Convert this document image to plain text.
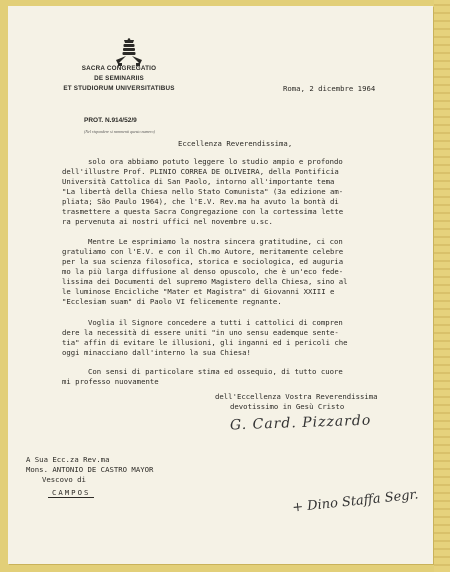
SACRA CONGREGATIO
DE SEMINARIIS
ET STUDIORUM UNIVERSITATIBUS
PROT. N.914/52/9
(Nel rispondere si rammenti questo numero)
Roma, 2 dicembre 1964
Eccellenza Reverendissima,
solo ora abbiamo potuto leggere lo studio ampio e profondo
dell'illustre Prof. PLINIO CORREA DE OLIVEIRA, della Pontificia
Università Cattolica di San Paolo, intorno all'importante tema
"La libertà della Chiesa nello Stato Comunista" (3a edizione am-
pliata; São Paulo 1964), che l'E.V. Rev.ma ha avuto la bontà di
trasmettere a questa Sacra Congregazione con la cortessima lette
ra pervenuta ai nostri uffici nel novembre u.sc.
Mentre Le esprimiamo la nostra sincera gratitudine, ci con
gratuliamo con l'E.V. e con il Ch.mo Autore, meritamente celebre
per la sua scienza filosofica, storica e sociologica, ed auguria
mo la più larga diffusione al denso opuscolo, che è un'eco fede-
lissima dei Documenti del supremo Magistero della Chiesa, sino al
le luminose Encicliche "Mater et Magistra" di Giovanni XXIII e
"Ecclesiam suam" di Paolo VI felicemente regnante.
Voglia il Signore concedere a tutti i cattolici di compren
dere la necessità di essere uniti "in uno sensu eademque sente-
tia" affin di evitare le illusioni, gli inganni ed i pericoli che
oggi minacciano dall'interno la sua Chiesa!
Con sensi di particolare stima ed ossequio, di tutto cuore
mi professo nuovamente
dell'Eccellenza Vostra Reverendissima
devotissimo in Gesù Cristo
G. Card. Pizzardo
+ Dino Staffa Segr.
A Sua Ecc.za Rev.ma
Mons. ANTONIO DE CASTRO MAYOR
Vescovo di
CAMPOS
